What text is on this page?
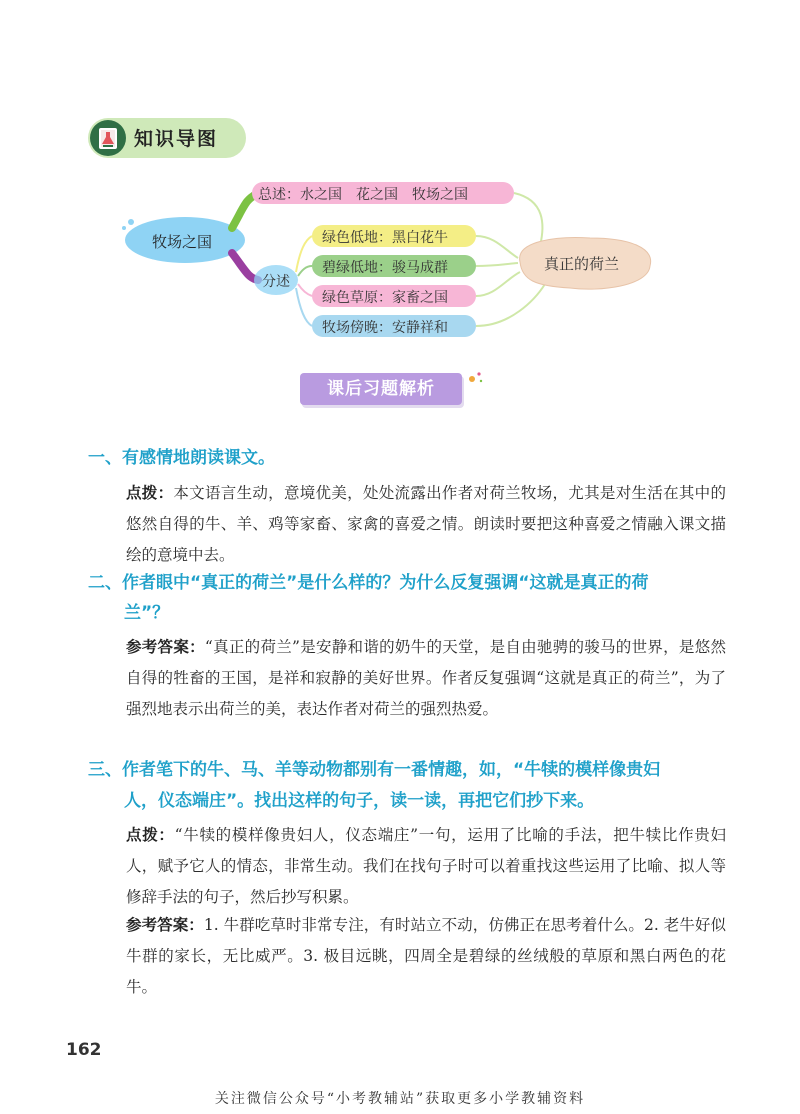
知识导图
牧场之国
总述：水之国　花之国　牧场之国
分述
绿色低地：黑白花牛
碧绿低地：骏马成群
绿色草原：家畜之国
牧场傍晚：安静祥和
真正的荷兰
课后习题解析
一、有感情地朗读课文。
点拨：本文语言生动，意境优美，处处流露出作者对荷兰牧场，尤其是对生活在其中的悠然自得的牛、羊、鸡等家畜、家禽的喜爱之情。朗读时要把这种喜爱之情融入课文描绘的意境中去。
二、作者眼中“真正的荷兰”是什么样的？为什么反复强调“这就是真正的荷
兰”？
参考答案：“真正的荷兰”是安静和谐的奶牛的天堂，是自由驰骋的骏马的世界，是悠然自得的牲畜的王国，是祥和寂静的美好世界。作者反复强调“这就是真正的荷兰”，为了强烈地表示出荷兰的美，表达作者对荷兰的强烈热爱。
三、作者笔下的牛、马、羊等动物都别有一番情趣，如，“牛犊的模样像贵妇
人，仪态端庄”。找出这样的句子，读一读，再把它们抄下来。
点拨：“牛犊的模样像贵妇人，仪态端庄”一句，运用了比喻的手法，把牛犊比作贵妇人，赋予它人的情态，非常生动。我们在找句子时可以着重找这些运用了比喻、拟人等修辞手法的句子，然后抄写积累。
参考答案：1. 牛群吃草时非常专注，有时站立不动，仿佛正在思考着什么。2. 老牛好似牛群的家长，无比威严。3. 极目远眺，四周全是碧绿的丝绒般的草原和黑白两色的花牛。
162
关注微信公众号“小考教辅站”获取更多小学教辅资料
